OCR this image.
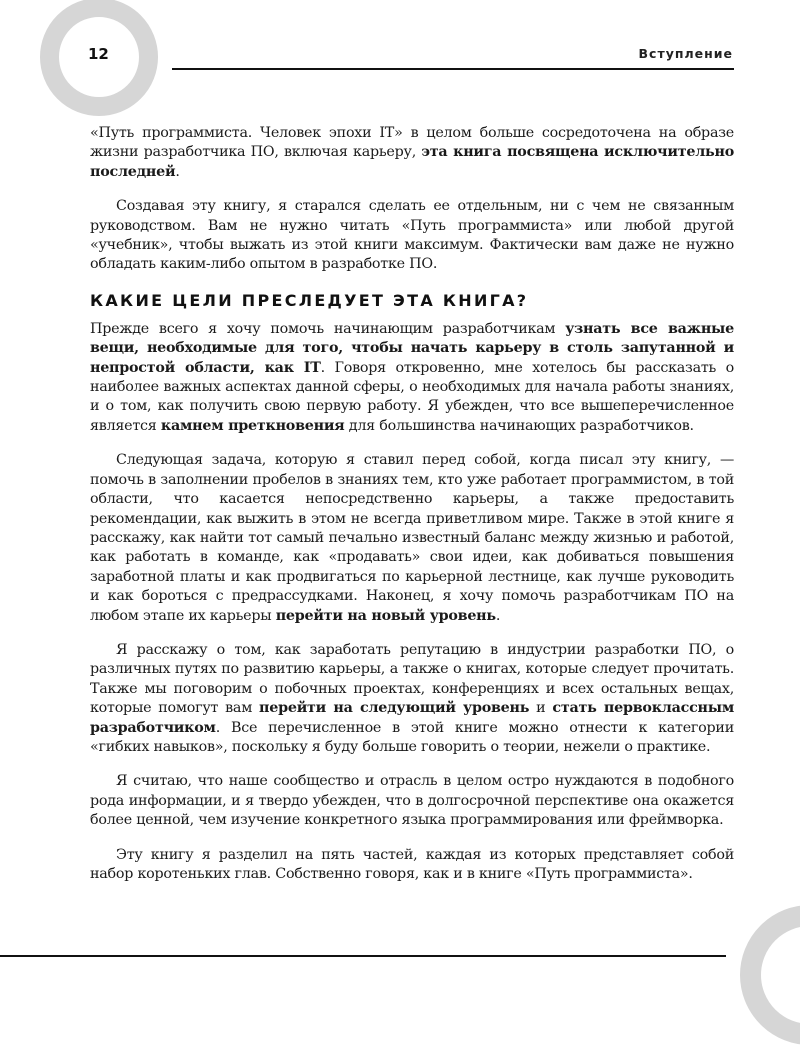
12	Вступление

«Путь программиста. Человек эпохи IT» в целом больше сосредоточена на образе жизни разработчика ПО, включая карьеру, эта книга посвящена исключительно последней.

Создавая эту книгу, я старался сделать ее отдельным, ни с чем не связанным руководством. Вам не нужно читать «Путь программиста» или любой другой «учебник», чтобы выжать из этой книги максимум. Фактически вам даже не нужно обладать каким-либо опытом в разработке ПО.

КАКИЕ ЦЕЛИ ПРЕСЛЕДУЕТ ЭТА КНИГА?

Прежде всего я хочу помочь начинающим разработчикам узнать все важные вещи, необходимые для того, чтобы начать карьеру в столь запутанной и непростой области, как IT. Говоря откровенно, мне хотелось бы рассказать о наиболее важных аспектах данной сферы, о необходимых для начала работы знаниях, и о том, как получить свою первую работу. Я убежден, что все вышеперечисленное является камнем преткновения для большинства начинающих разработчиков.

Следующая задача, которую я ставил перед собой, когда писал эту книгу, — помочь в заполнении пробелов в знаниях тем, кто уже работает программистом, в той области, что касается непосредственно карьеры, а также предоставить рекомендации, как выжить в этом не всегда приветливом мире. Также в этой книге я расскажу, как найти тот самый печально известный баланс между жизнью и работой, как работать в команде, как «продавать» свои идеи, как добиваться повышения заработной платы и как продвигаться по карьерной лестнице, как лучше руководить и как бороться с предрассудками. Наконец, я хочу помочь разработчикам ПО на любом этапе их карьеры перейти на новый уровень.

Я расскажу о том, как заработать репутацию в индустрии разработки ПО, о различных путях по развитию карьеры, а также о книгах, которые следует прочитать. Также мы поговорим о побочных проектах, конференциях и всех остальных вещах, которые помогут вам перейти на следующий уровень и стать первоклассным разработчиком. Все перечисленное в этой книге можно отнести к категории «гибких навыков», поскольку я буду больше говорить о теории, нежели о практике.

Я считаю, что наше сообщество и отрасль в целом остро нуждаются в подобного рода информации, и я твердо убежден, что в долгосрочной перспективе она окажется более ценной, чем изучение конкретного языка программирования или фреймворка.

Эту книгу я разделил на пять частей, каждая из которых представляет собой набор коротеньких глав. Собственно говоря, как и в книге «Путь программиста».
